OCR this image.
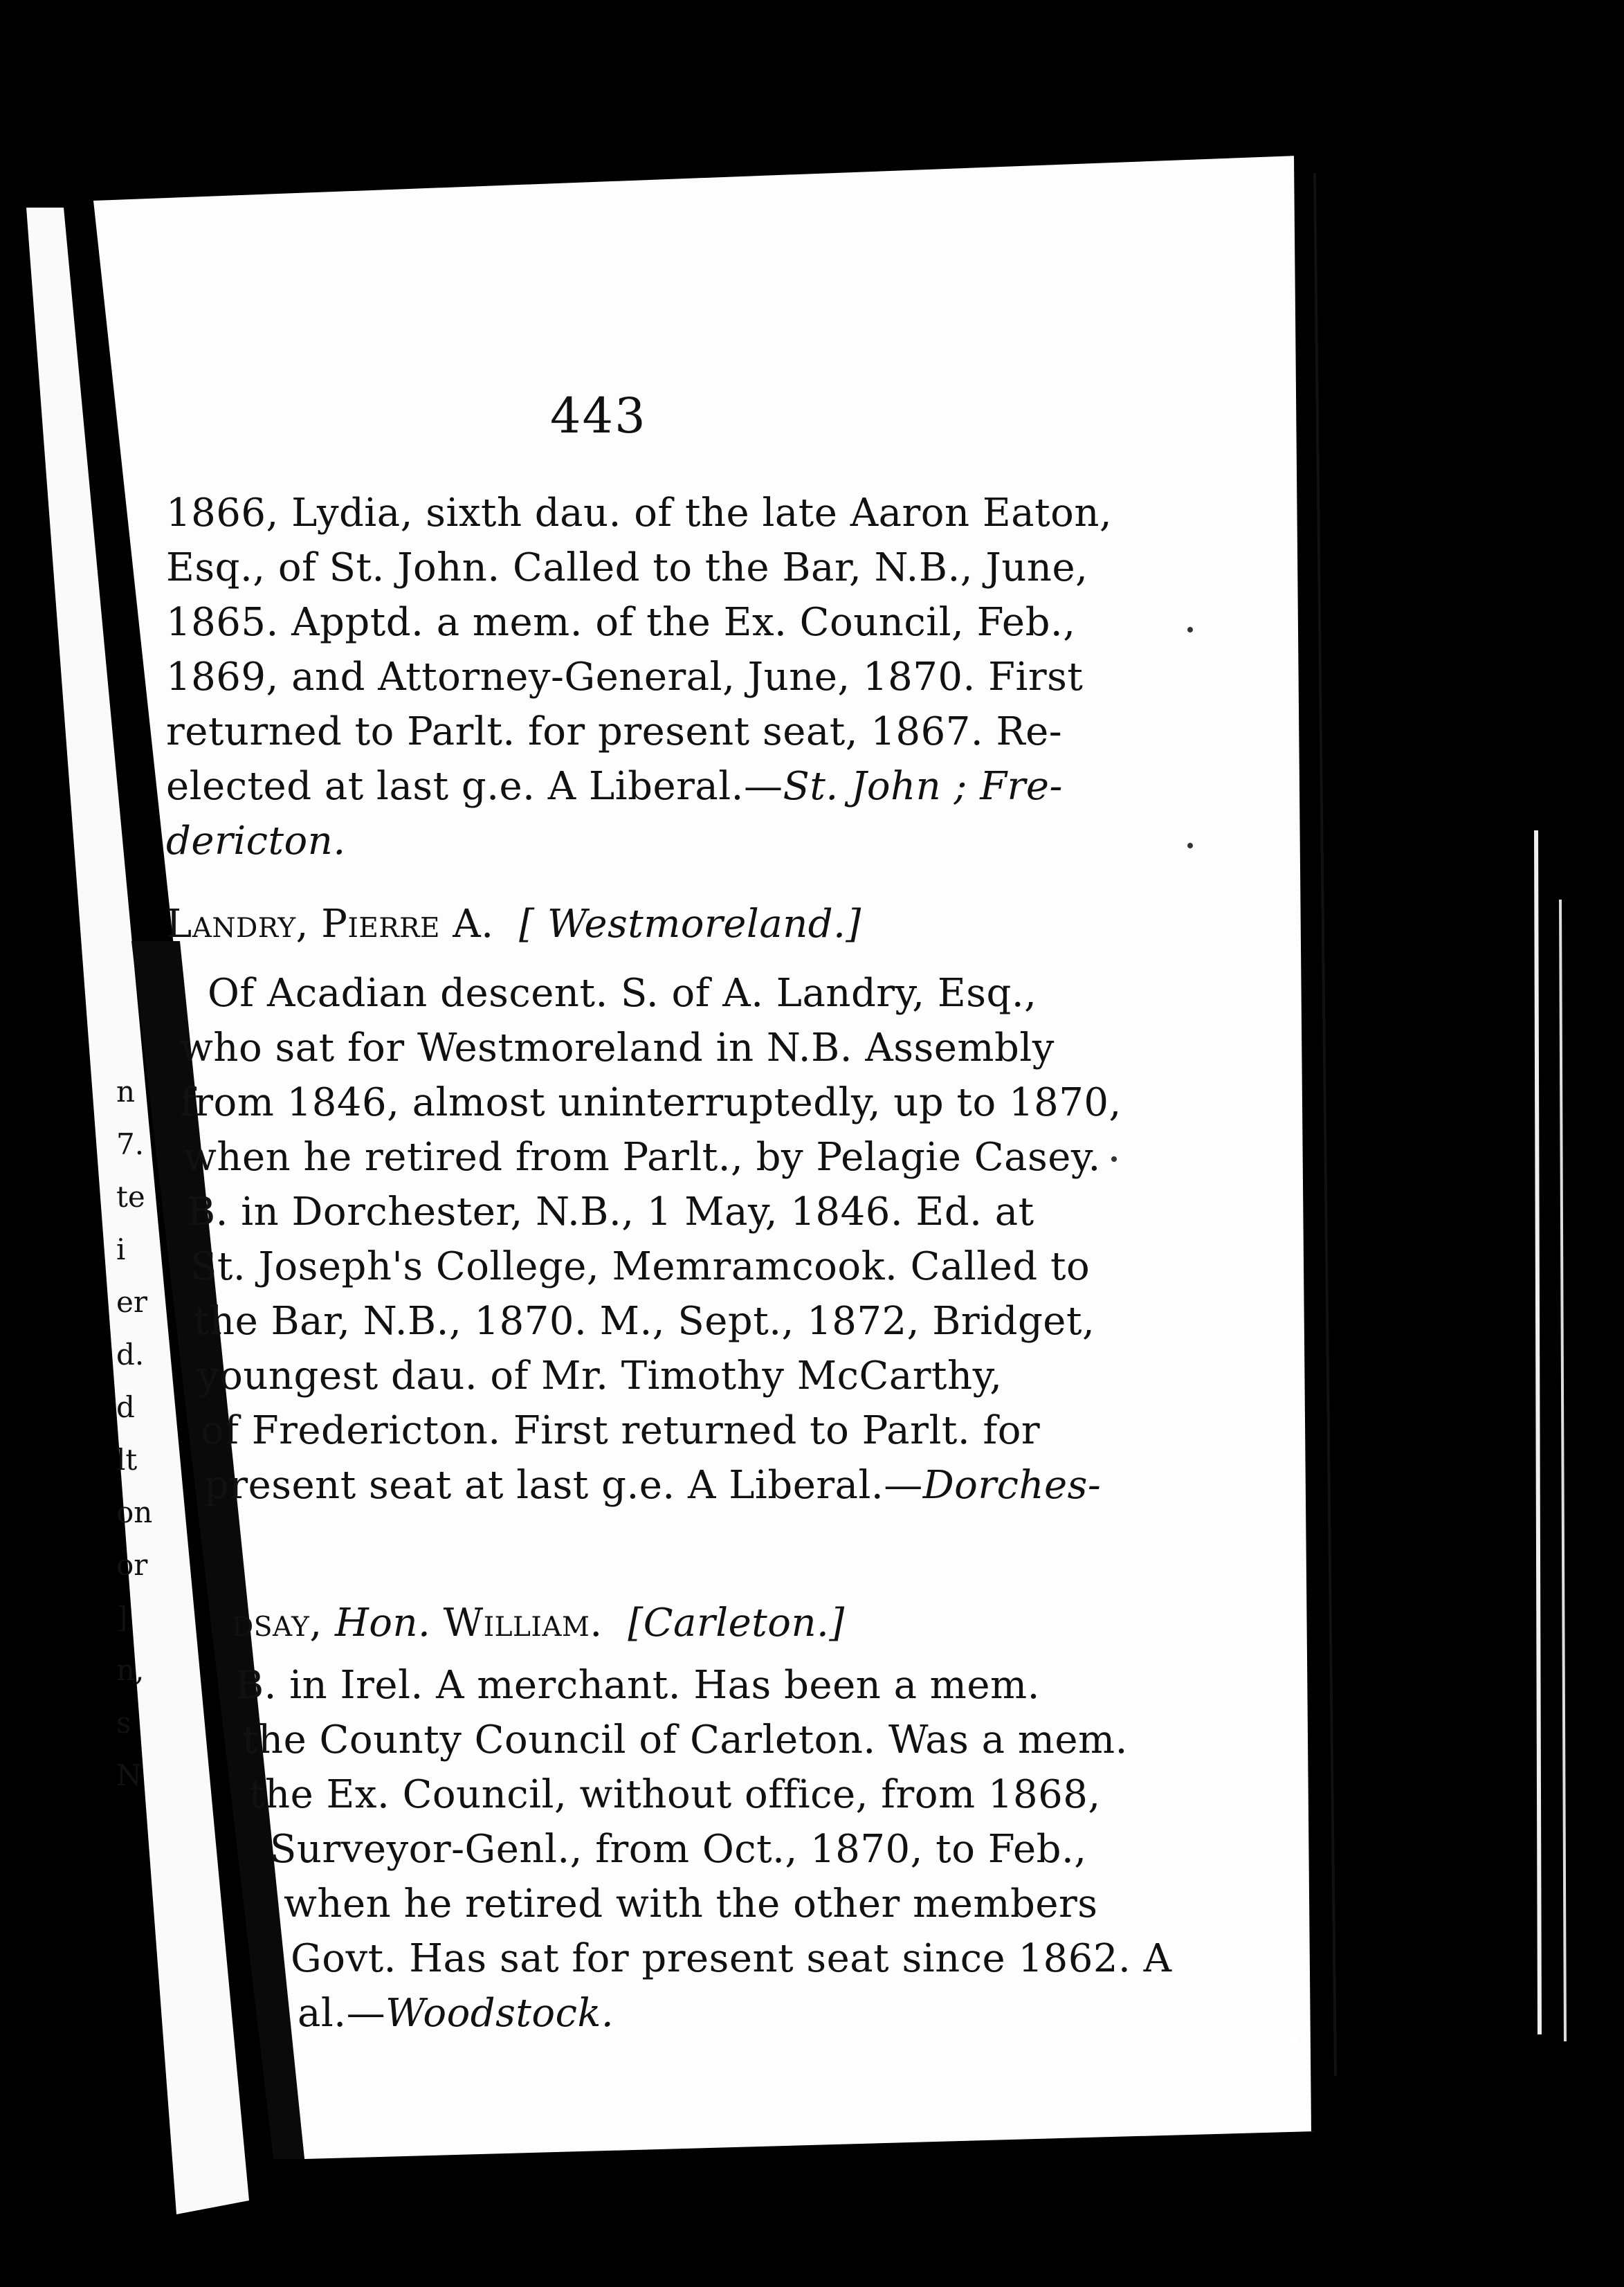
n
7.
te
i
er
d.
d
lt
on
or
]
n,
s
N
443
1866, Lydia, sixth dau. of the late Aaron Eaton,
Esq., of St. John. Called to the Bar, N.B., June,
1865. Apptd. a mem. of the Ex. Council, Feb.,
1869, and Attorney-General, June, 1870. First
returned to Parlt. for present seat, 1867. Re-
elected at last g.e. A Liberal.—St. John ; Fre-
dericton.
Landry, Pierre A. [ Westmoreland.]
Of Acadian descent. S. of A. Landry, Esq.,
who sat for Westmoreland in N.B. Assembly
from 1846, almost uninterruptedly, up to 1870,
when he retired from Parlt., by Pelagie Casey.
B. in Dorchester, N.B., 1 May, 1846. Ed. at
St. Joseph's College, Memramcook. Called to
the Bar, N.B., 1870. M., Sept., 1872, Bridget,
youngest dau. of Mr. Timothy McCarthy,
of Fredericton. First returned to Parlt. for
present seat at last g.e. A Liberal.—Dorches-
dsay, Hon. William. [Carleton.]
B. in Irel. A merchant. Has been a mem.
the County Council of Carleton. Was a mem.
the Ex. Council, without office, from 1868,
Surveyor-Genl., from Oct., 1870, to Feb.,
when he retired with the other members
Govt. Has sat for present seat since 1862. A
al.—Woodstock.
